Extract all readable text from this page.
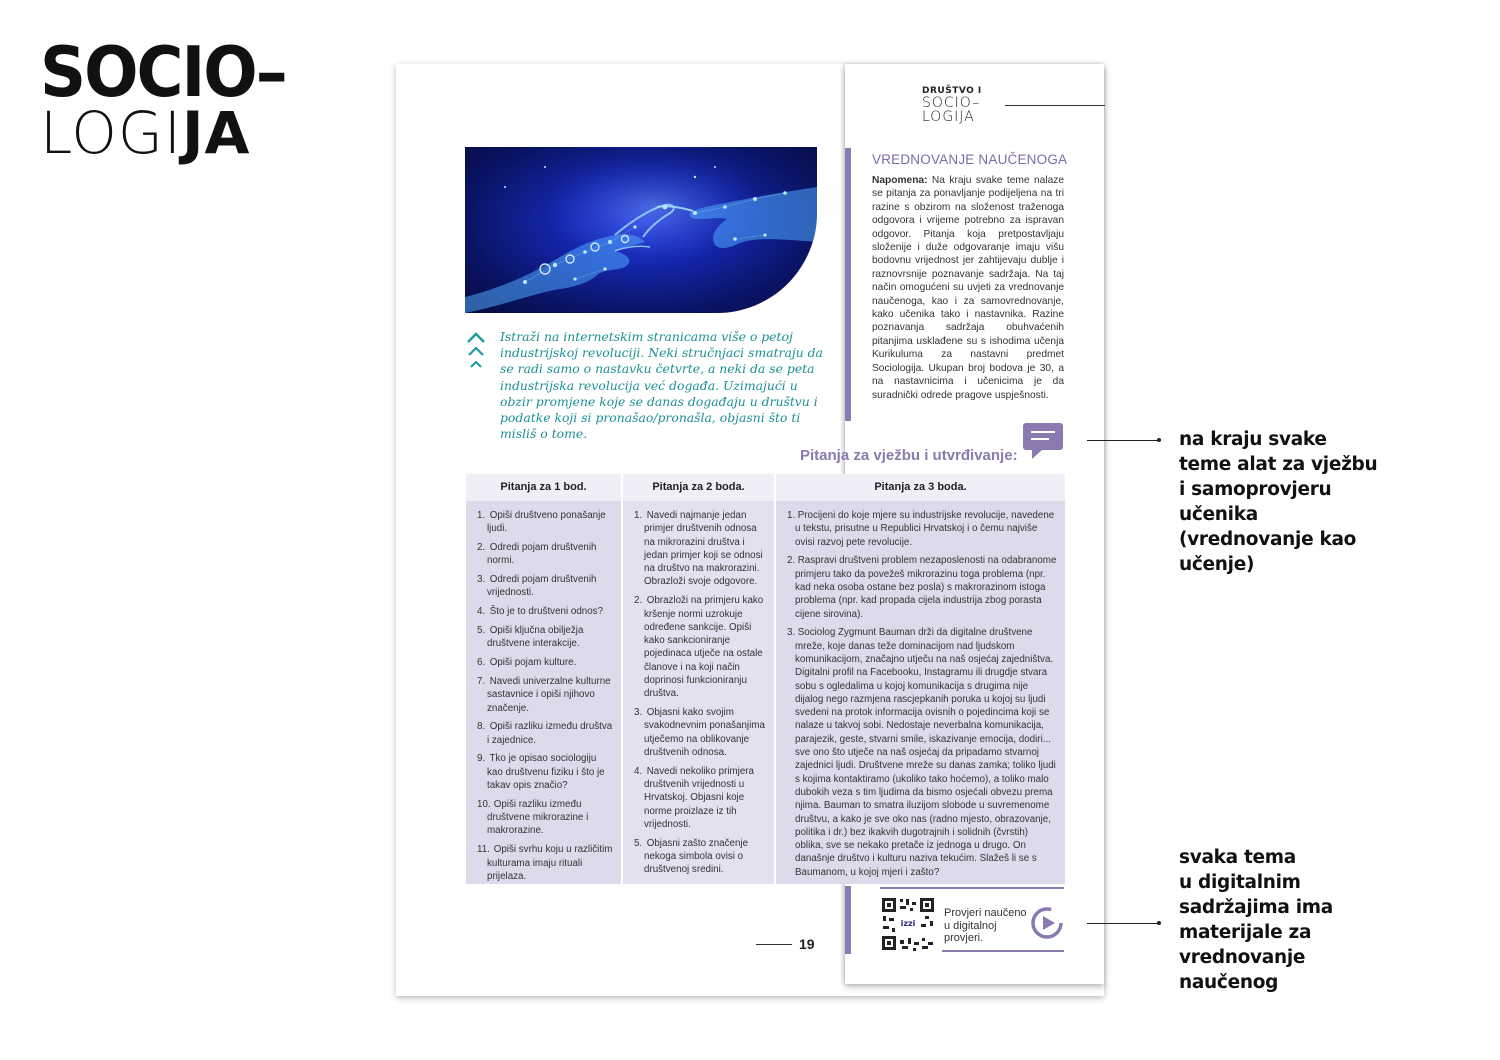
SOCIO–
LOGIJA
DRUŠTVO I
SOCIO–
LOGIJA
Istraži na internetskim stranicama više o petoj industrijskoj revoluciji. Neki stručnjaci smatraju da se radi samo o nastavku četvrte, a neki da se peta industrijska revolucija već događa. Uzimajući u obzir promjene koje se danas događaju u društvu i podatke koji si pronašao/pronašla, objasni što ti misliš o tome.
VREDNOVANJE NAUČENOGA
Napomena: Na kraju svake teme nalaze se pitanja za ponavljanje podijeljena na tri razine s obzirom na složenost traženoga odgovora i vrijeme potrebno za ispravan odgovor. Pitanja koja pretpostavljaju složenije i duže odgovaranje imaju višu bodovnu vrijednost jer zahtijevaju dublje i raznovrsnije poznavanje sadržaja. Na taj način omogućeni su uvjeti za vrednovanje naučenoga, kao i za samovrednovanje, kako učenika tako i nastavnika. Razine poznavanja sadržaja obuhvaćenih pitanjima usklađene su s ishodima učenja Kurikuluma za nastavni predmet Sociologija. Ukupan broj bodova je 30, a na nastavnicima i učenicima je da suradnički odrede pragove uspješnosti.
Pitanja za vježbu i utvrđivanje:
Pitanja za 1 bod.
1. Opiši društveno ponašanje ljudi.
2. Odredi pojam društvenih normi.
3. Odredi pojam društvenih vrijednosti.
4. Što je to društveni odnos?
5. Opiši ključna obilježja društvene interakcije.
6. Opiši pojam kulture.
7. Navedi univerzalne kulturne sastavnice i opiši njihovo značenje.
8. Opiši razliku između društva i zajednice.
9. Tko je opisao sociologiju kao društvenu fiziku i što je takav opis značio?
10. Opiši razliku između društvene mikrorazine i makrorazine.
11. Opiši svrhu koju u različitim kulturama imaju rituali prijelaza.
Pitanja za 2 boda.
1. Navedi najmanje jedan primjer društvenih odnosa na mikrorazini društva i jedan primjer koji se odnosi na društvo na makrorazini. Obrazloži svoje odgovore.
2. Obrazloži na primjeru kako kršenje normi uzrokuje određene sankcije. Opiši kako sankcioniranje pojedinaca utječe na ostale članove i na koji način doprinosi funkcioniranju društva.
3. Objasni kako svojim svakodnevnim ponašanjima utječemo na oblikovanje društvenih odnosa.
4. Navedi nekoliko primjera društvenih vrijednosti u Hrvatskoj. Objasni koje norme proizlaze iz tih vrijednosti.
5. Objasni zašto značenje nekoga simbola ovisi o društvenoj sredini.
Pitanja za 3 boda.
1. Procijeni do koje mjere su industrijske revolucije, navedene u tekstu, prisutne u Republici Hrvatskoj i o čemu najviše ovisi razvoj pete revolucije.
2. Raspravi društveni problem nezaposlenosti na odabranome primjeru tako da povežeš mikrorazinu toga problema (npr. kad neka osoba ostane bez posla) s makrorazinom istoga problema (npr. kad propada cijela industrija zbog porasta cijene sirovina).
3. Sociolog Zygmunt Bauman drži da digitalne društvene mreže, koje danas teže dominacijom nad ljudskom komunikacijom, značajno utječu na naš osjećaj zajedništva. Digitalni profil na Facebooku, Instagramu ili drugdje stvara sobu s ogledalima u kojoj komunikacija s drugima nije dijalog nego razmjena rascjepkanih poruka u kojoj su ljudi svedeni na protok informacija ovisnih o pojedincima koji se nalaze u takvoj sobi. Nedostaje neverbalna komunikacija, parajezik, geste, stvarni smile, iskazivanje emocija, dodiri... sve ono što utječe na naš osjećaj da pripadamo stvarnoj zajednici ljudi. Društvene mreže su danas zamka; toliko ljudi s kojima kontaktiramo (ukoliko tako hoćemo), a toliko malo dubokih veza s tim ljudima da bismo osjećali obvezu prema njima. Bauman to smatra iluzijom slobode u suvremenome društvu, a kako je sve oko nas (radno mjesto, obrazovanje, politika i dr.) bez ikakvih dugotrajnih i solidnih (čvrstih) oblika, sve se nekako pretače iz jednoga u drugo. On današnje društvo i kulturu naziva tekućim. Slažeš li se s Baumanom, u kojoj mjeri i zašto?
izzi
Provjeri naučeno u digitalnoj provjeri.
19
na kraju svake
teme alat za vježbu
i samoprovjeru
učenika
(vrednovanje kao
učenje)
svaka tema
u digitalnim
sadržajima ima
materijale za
vrednovanje
naučenog
